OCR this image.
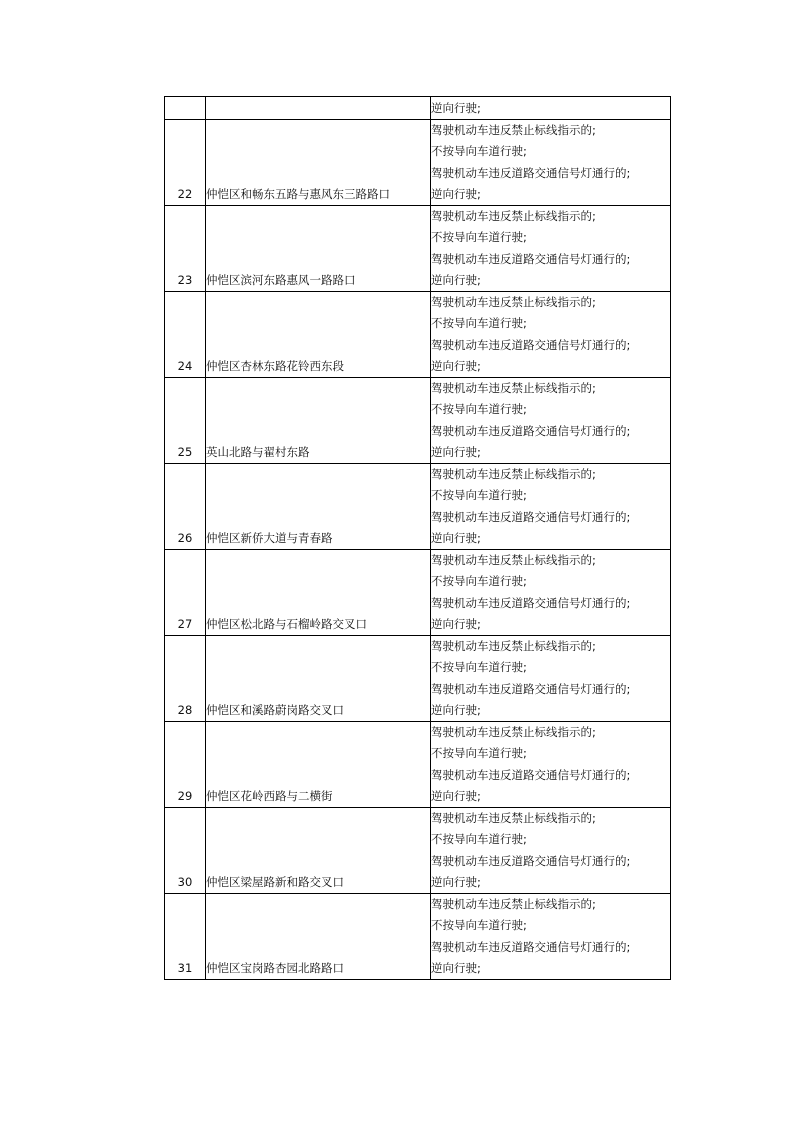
		逆向行驶;

22	仲恺区和畅东五路与惠风东三路路口	驾驶机动车违反禁止标线指示的;
不按导向车道行驶;
驾驶机动车违反道路交通信号灯通行的;
逆向行驶;

23	仲恺区滨河东路惠风一路路口	驾驶机动车违反禁止标线指示的;
不按导向车道行驶;
驾驶机动车违反道路交通信号灯通行的;
逆向行驶;

24	仲恺区杏林东路花铃西东段	驾驶机动车违反禁止标线指示的;
不按导向车道行驶;
驾驶机动车违反道路交通信号灯通行的;
逆向行驶;

25	英山北路与翟村东路	驾驶机动车违反禁止标线指示的;
不按导向车道行驶;
驾驶机动车违反道路交通信号灯通行的;
逆向行驶;

26	仲恺区新侨大道与青春路	驾驶机动车违反禁止标线指示的;
不按导向车道行驶;
驾驶机动车违反道路交通信号灯通行的;
逆向行驶;

27	仲恺区松北路与石榴岭路交叉口	驾驶机动车违反禁止标线指示的;
不按导向车道行驶;
驾驶机动车违反道路交通信号灯通行的;
逆向行驶;

28	仲恺区和溪路蔚岗路交叉口	驾驶机动车违反禁止标线指示的;
不按导向车道行驶;
驾驶机动车违反道路交通信号灯通行的;
逆向行驶;

29	仲恺区花岭西路与二横街	驾驶机动车违反禁止标线指示的;
不按导向车道行驶;
驾驶机动车违反道路交通信号灯通行的;
逆向行驶;

30	仲恺区梁屋路新和路交叉口	驾驶机动车违反禁止标线指示的;
不按导向车道行驶;
驾驶机动车违反道路交通信号灯通行的;
逆向行驶;

31	仲恺区宝岗路杏园北路路口	驾驶机动车违反禁止标线指示的;
不按导向车道行驶;
驾驶机动车违反道路交通信号灯通行的;
逆向行驶;
